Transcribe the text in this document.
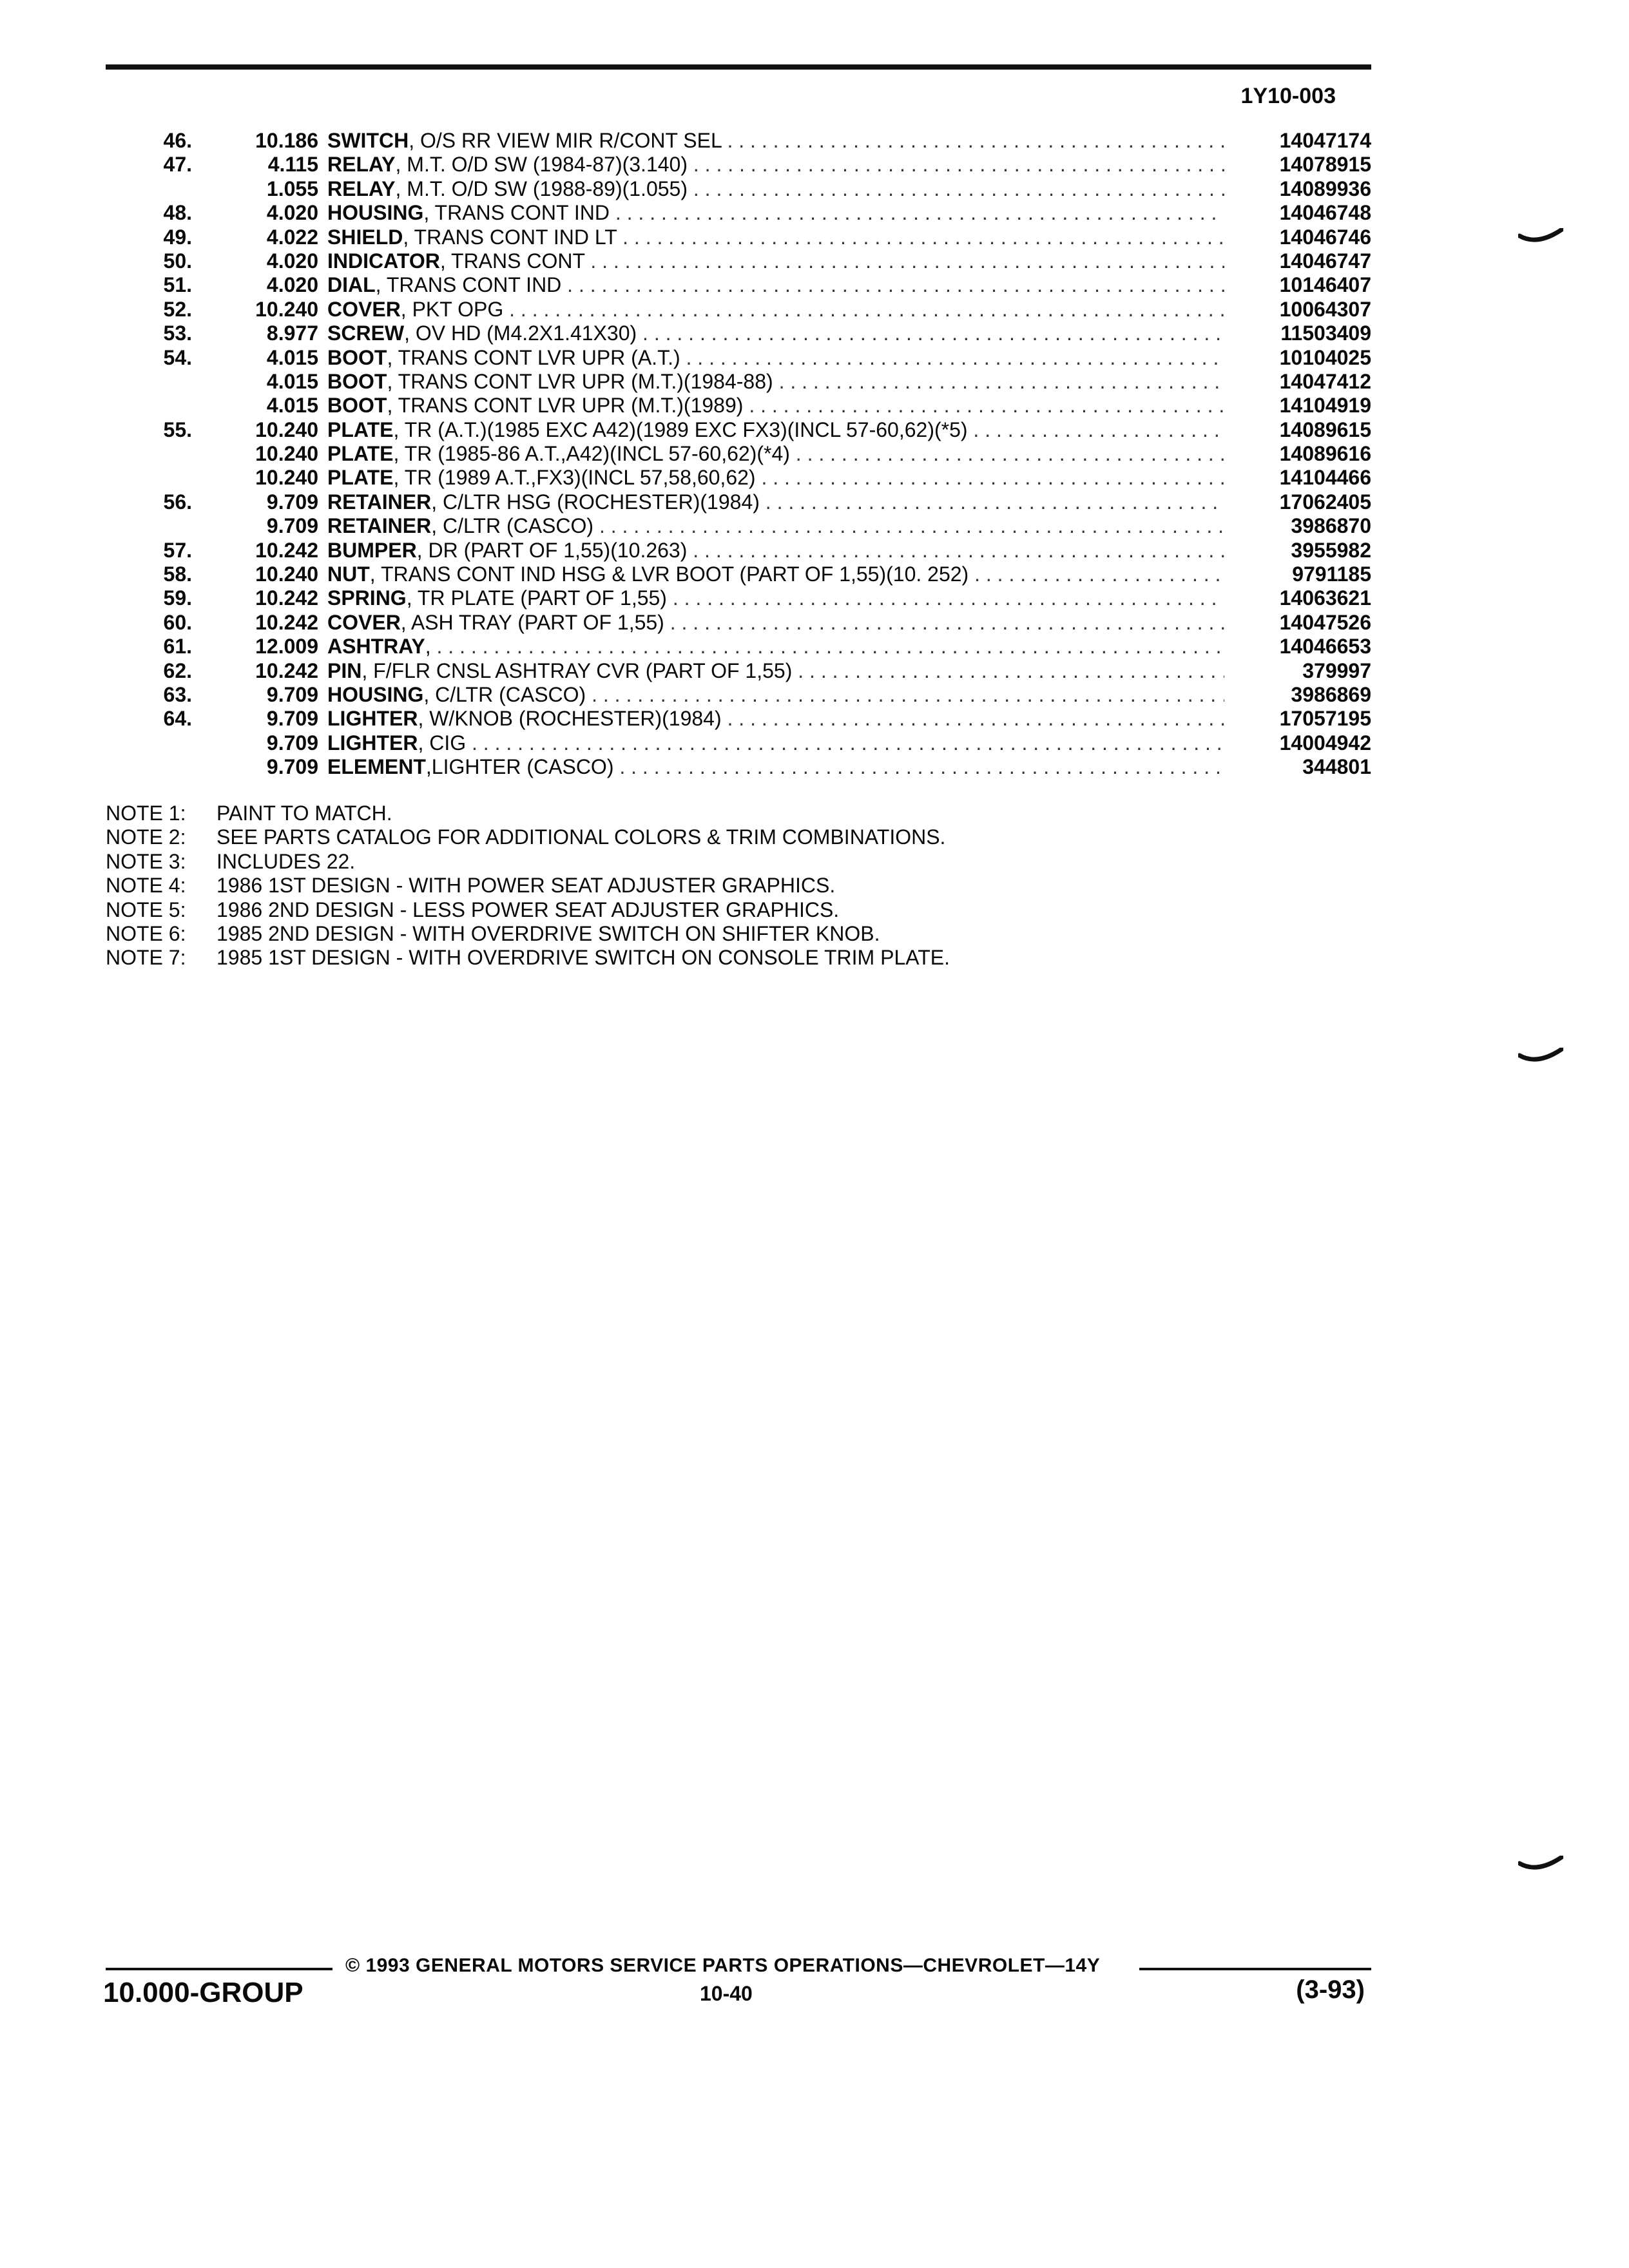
1Y10-003
46.	10.186 SWITCH, O/S RR VIEW MIR R/CONT SEL . . .	14047174
47.	4.115 RELAY, M.T. O/D SW (1984-87)(3.140) . . .	14078915
1.055 RELAY, M.T. O/D SW (1988-89)(1.055) . . .	14089936
48.	4.020 HOUSING, TRANS CONT IND . . .	14046748
49.	4.022 SHIELD, TRANS CONT IND LT . . .	14046746
50.	4.020 INDICATOR, TRANS CONT . . .	14046747
51.	4.020 DIAL, TRANS CONT IND . . .	10146407
52.	10.240 COVER, PKT OPG . . .	10064307
53.	8.977 SCREW, OV HD (M4.2X1.41X30) . . .	11503409
54.	4.015 BOOT, TRANS CONT LVR UPR (A.T.) . . .	10104025
4.015 BOOT, TRANS CONT LVR UPR (M.T.)(1984-88) . . .	14047412
4.015 BOOT, TRANS CONT LVR UPR (M.T.)(1989) . . .	14104919
55.	10.240 PLATE, TR (A.T.)(1985 EXC A42)(1989 EXC FX3)(INCL 57-60,62)(*5) . . .	14089615
10.240 PLATE, TR (1985-86 A.T.,A42)(INCL 57-60,62)(*4) . . .	14089616
10.240 PLATE, TR (1989 A.T.,FX3)(INCL 57,58,60,62) . . .	14104466
56.	9.709 RETAINER, C/LTR HSG (ROCHESTER)(1984) . . .	17062405
9.709 RETAINER, C/LTR (CASCO) . . .	3986870
57.	10.242 BUMPER, DR (PART OF 1,55)(10.263) . . .	3955982
58.	10.240 NUT, TRANS CONT IND HSG & LVR BOOT (PART OF 1,55)(10. 252) . . .	9791185
59.	10.242 SPRING, TR PLATE (PART OF 1,55) . . .	14063621
60.	10.242 COVER, ASH TRAY (PART OF 1,55) . . .	14047526
61.	12.009 ASHTRAY, . . .	14046653
62.	10.242 PIN, F/FLR CNSL ASHTRAY CVR (PART OF 1,55) . . .	379997
63.	9.709 HOUSING, C/LTR (CASCO) . . .	3986869
64.	9.709 LIGHTER, W/KNOB (ROCHESTER)(1984) . . .	17057195
9.709 LIGHTER, CIG . . .	14004942
9.709 ELEMENT,LIGHTER (CASCO) . . .	344801
NOTE 1: PAINT TO MATCH.
NOTE 2: SEE PARTS CATALOG FOR ADDITIONAL COLORS & TRIM COMBINATIONS.
NOTE 3: INCLUDES 22.
NOTE 4: 1986 1ST DESIGN - WITH POWER SEAT ADJUSTER GRAPHICS.
NOTE 5: 1986 2ND DESIGN - LESS POWER SEAT ADJUSTER GRAPHICS.
NOTE 6: 1985 2ND DESIGN - WITH OVERDRIVE SWITCH ON SHIFTER KNOB.
NOTE 7: 1985 1ST DESIGN - WITH OVERDRIVE SWITCH ON CONSOLE TRIM PLATE.
© 1993 GENERAL MOTORS SERVICE PARTS OPERATIONS—CHEVROLET—14Y
10.000-GROUP	10-40	(3-93)
